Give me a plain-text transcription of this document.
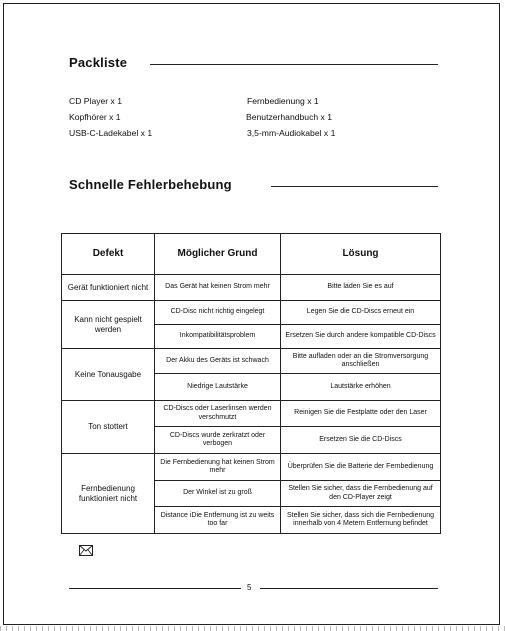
Packliste
CD Player x 1
Kopfhörer x 1
USB-C-Ladekabel x 1
Fernbedienung x 1
Benutzerhandbuch x 1
3,5-mm-Audiokabel x 1
Schnelle Fehlerbehebung
Defekt	Möglicher Grund	Lösung
Gerät funktioniert nicht	Das Gerät hat keinen Strom mehr	Bitte laden Sie es auf
Kann nicht gespielt werden	CD-Disc nicht richtig eingelegt	Legen Sie die CD-Discs erneut ein
	Inkompatibilitätsproblem	Ersetzen Sie durch andere kompatible CD-Discs
Keine Tonausgabe	Der Akku des Geräts ist schwach	Bitte aufladen oder an die Stromversorgung anschließen
	Niedrige Lautstärke	Lautstärke erhöhen
Ton stottert	CD-Discs oder Laserlinsen werden verschmutzt	Reinigen Sie die Festplatte oder den Laser
	CD-Discs wurde zerkratzt oder verbogen	Ersetzen Sie die CD-Discs
Fernbedienung funktioniert nicht	Die Fernbedienung hat keinen Strom mehr	Überprüfen Sie die Batterie der Fernbedienung
	Der Winkel ist zu groß	Stellen Sie sicher, dass die Fernbedienung auf den CD-Player zeigt
	Distance iDie Entfernung ist zu weits too far	Stellen Sie sicher, dass sich die Fernbedienung innerhalb von 4 Metern Entfernung befindet
5
